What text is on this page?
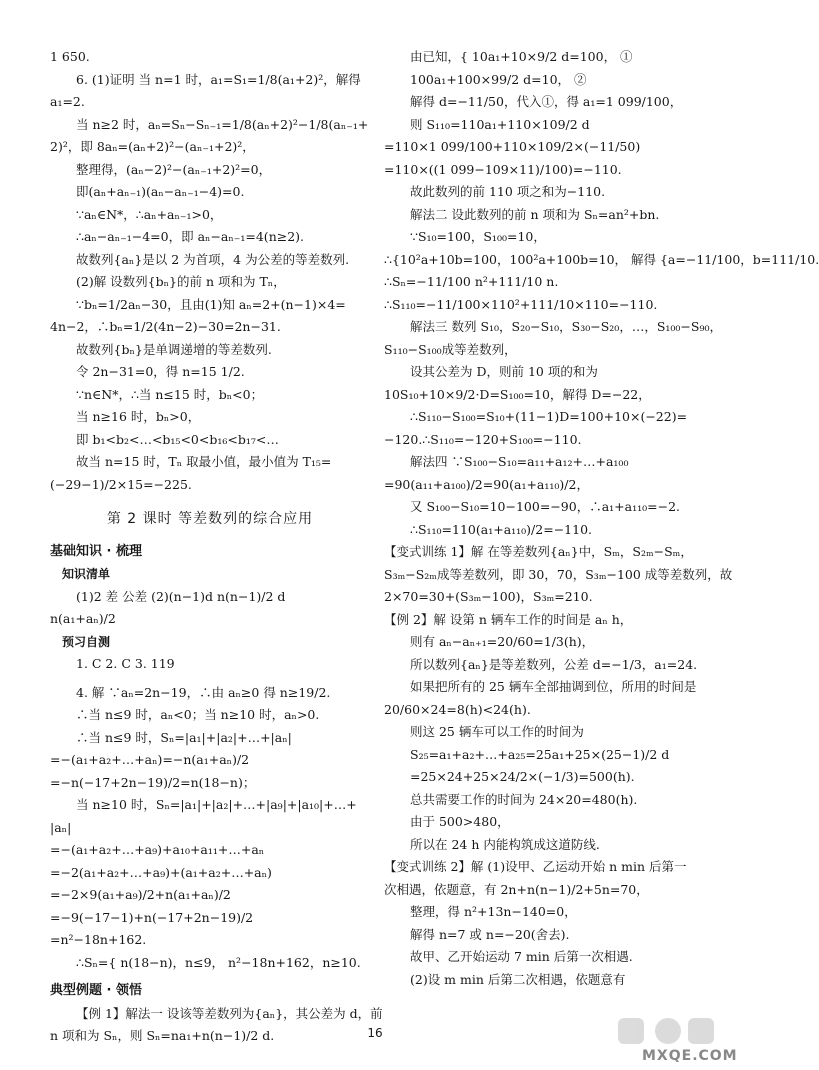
1 650.
6. (1)证明 当 n=1 时，a₁=S₁=1/8(a₁+2)²，解得
a₁=2.
当 n≥2 时，aₙ=Sₙ−Sₙ₋₁=1/8(aₙ+2)²−1/8(aₙ₋₁+
2)²，即 8aₙ=(aₙ+2)²−(aₙ₋₁+2)²，
整理得，(aₙ−2)²−(aₙ₋₁+2)²=0，
即(aₙ+aₙ₋₁)(aₙ−aₙ₋₁−4)=0.
∵aₙ∈N*，∴aₙ+aₙ₋₁>0，
∴aₙ−aₙ₋₁−4=0，即 aₙ−aₙ₋₁=4(n≥2).
故数列{aₙ}是以 2 为首项，4 为公差的等差数列.
(2)解 设数列{bₙ}的前 n 项和为 Tₙ，
∵bₙ=1/2aₙ−30，且由(1)知 aₙ=2+(n−1)×4=
4n−2，∴bₙ=1/2(4n−2)−30=2n−31.
故数列{bₙ}是单调递增的等差数列.
令 2n−31=0，得 n=15 1/2.
∵n∈N*，∴当 n≤15 时，bₙ<0；
当 n≥16 时，bₙ>0，
即 b₁<b₂<…<b₁₅<0<b₁₆<b₁₇<…
故当 n=15 时，Tₙ 取最小值，最小值为 T₁₅=
(−29−1)/2×15=−225.
第 2 课时 等差数列的综合应用
基础知识 · 梳理
知识清单
(1)2 差 公差 (2)(n−1)d n(n−1)/2 d
n(a₁+aₙ)/2
预习自测
1. C 2. C 3. 119
4. 解 ∵aₙ=2n−19，∴由 aₙ≥0 得 n≥19/2.
∴当 n≤9 时，aₙ<0；当 n≥10 时，aₙ>0.
∴当 n≤9 时，Sₙ=|a₁|+|a₂|+…+|aₙ|
=−(a₁+a₂+…+aₙ)=−n(a₁+aₙ)/2
=−n(−17+2n−19)/2=n(18−n)；
当 n≥10 时，Sₙ=|a₁|+|a₂|+…+|a₉|+|a₁₀|+…+
|aₙ|
=−(a₁+a₂+…+a₉)+a₁₀+a₁₁+…+aₙ
=−2(a₁+a₂+…+a₉)+(a₁+a₂+…+aₙ)
=−2×9(a₁+a₉)/2+n(a₁+aₙ)/2
=−9(−17−1)+n(−17+2n−19)/2
=n²−18n+162.
∴Sₙ={ n(18−n)，n≤9， n²−18n+162，n≥10.
典型例题 · 领悟
【例 1】解法一 设该等差数列为{aₙ}，其公差为 d，前
n 项和为 Sₙ，则 Sₙ=na₁+n(n−1)/2 d.
由已知，{ 10a₁+10×9/2 d=100， ①
100a₁+100×99/2 d=10， ②
解得 d=−11/50，代入①，得 a₁=1 099/100，
则 S₁₁₀=110a₁+110×109/2 d
=110×1 099/100+110×109/2×(−11/50)
=110×((1 099−109×11)/100)=−110.
故此数列的前 110 项之和为−110.
解法二 设此数列的前 n 项和为 Sₙ=an²+bn.
∵S₁₀=100，S₁₀₀=10，
∴{10²a+10b=100，100²a+100b=10， 解得 {a=−11/100，b=111/10.
∴Sₙ=−11/100 n²+111/10 n.
∴S₁₁₀=−11/100×110²+111/10×110=−110.
解法三 数列 S₁₀，S₂₀−S₁₀，S₃₀−S₂₀，…，S₁₀₀−S₉₀，
S₁₁₀−S₁₀₀成等差数列，
设其公差为 D，则前 10 项的和为
10S₁₀+10×9/2·D=S₁₀₀=10，解得 D=−22，
∴S₁₁₀−S₁₀₀=S₁₀+(11−1)D=100+10×(−22)=
−120.∴S₁₁₀=−120+S₁₀₀=−110.
解法四 ∵S₁₀₀−S₁₀=a₁₁+a₁₂+…+a₁₀₀
=90(a₁₁+a₁₀₀)/2=90(a₁+a₁₁₀)/2，
又 S₁₀₀−S₁₀=10−100=−90，∴a₁+a₁₁₀=−2.
∴S₁₁₀=110(a₁+a₁₁₀)/2=−110.
【变式训练 1】解 在等差数列{aₙ}中，Sₘ，S₂ₘ−Sₘ，
S₃ₘ−S₂ₘ成等差数列，即 30，70，S₃ₘ−100 成等差数列，故
2×70=30+(S₃ₘ−100)，S₃ₘ=210.
【例 2】解 设第 n 辆车工作的时间是 aₙ h，
则有 aₙ−aₙ₊₁=20/60=1/3(h)，
所以数列{aₙ}是等差数列，公差 d=−1/3，a₁=24.
如果把所有的 25 辆车全部抽调到位，所用的时间是
20/60×24=8(h)<24(h).
则这 25 辆车可以工作的时间为
S₂₅=a₁+a₂+…+a₂₅=25a₁+25×(25−1)/2 d
=25×24+25×24/2×(−1/3)=500(h).
总共需要工作的时间为 24×20=480(h).
由于 500>480，
所以在 24 h 内能构筑成这道防线.
【变式训练 2】解 (1)设甲、乙运动开始 n min 后第一
次相遇，依题意，有 2n+n(n−1)/2+5n=70，
整理，得 n²+13n−140=0，
解得 n=7 或 n=−20(舍去).
故甲、乙开始运动 7 min 后第一次相遇.
(2)设 m min 后第二次相遇，依题意有
16
MXQE.COM
